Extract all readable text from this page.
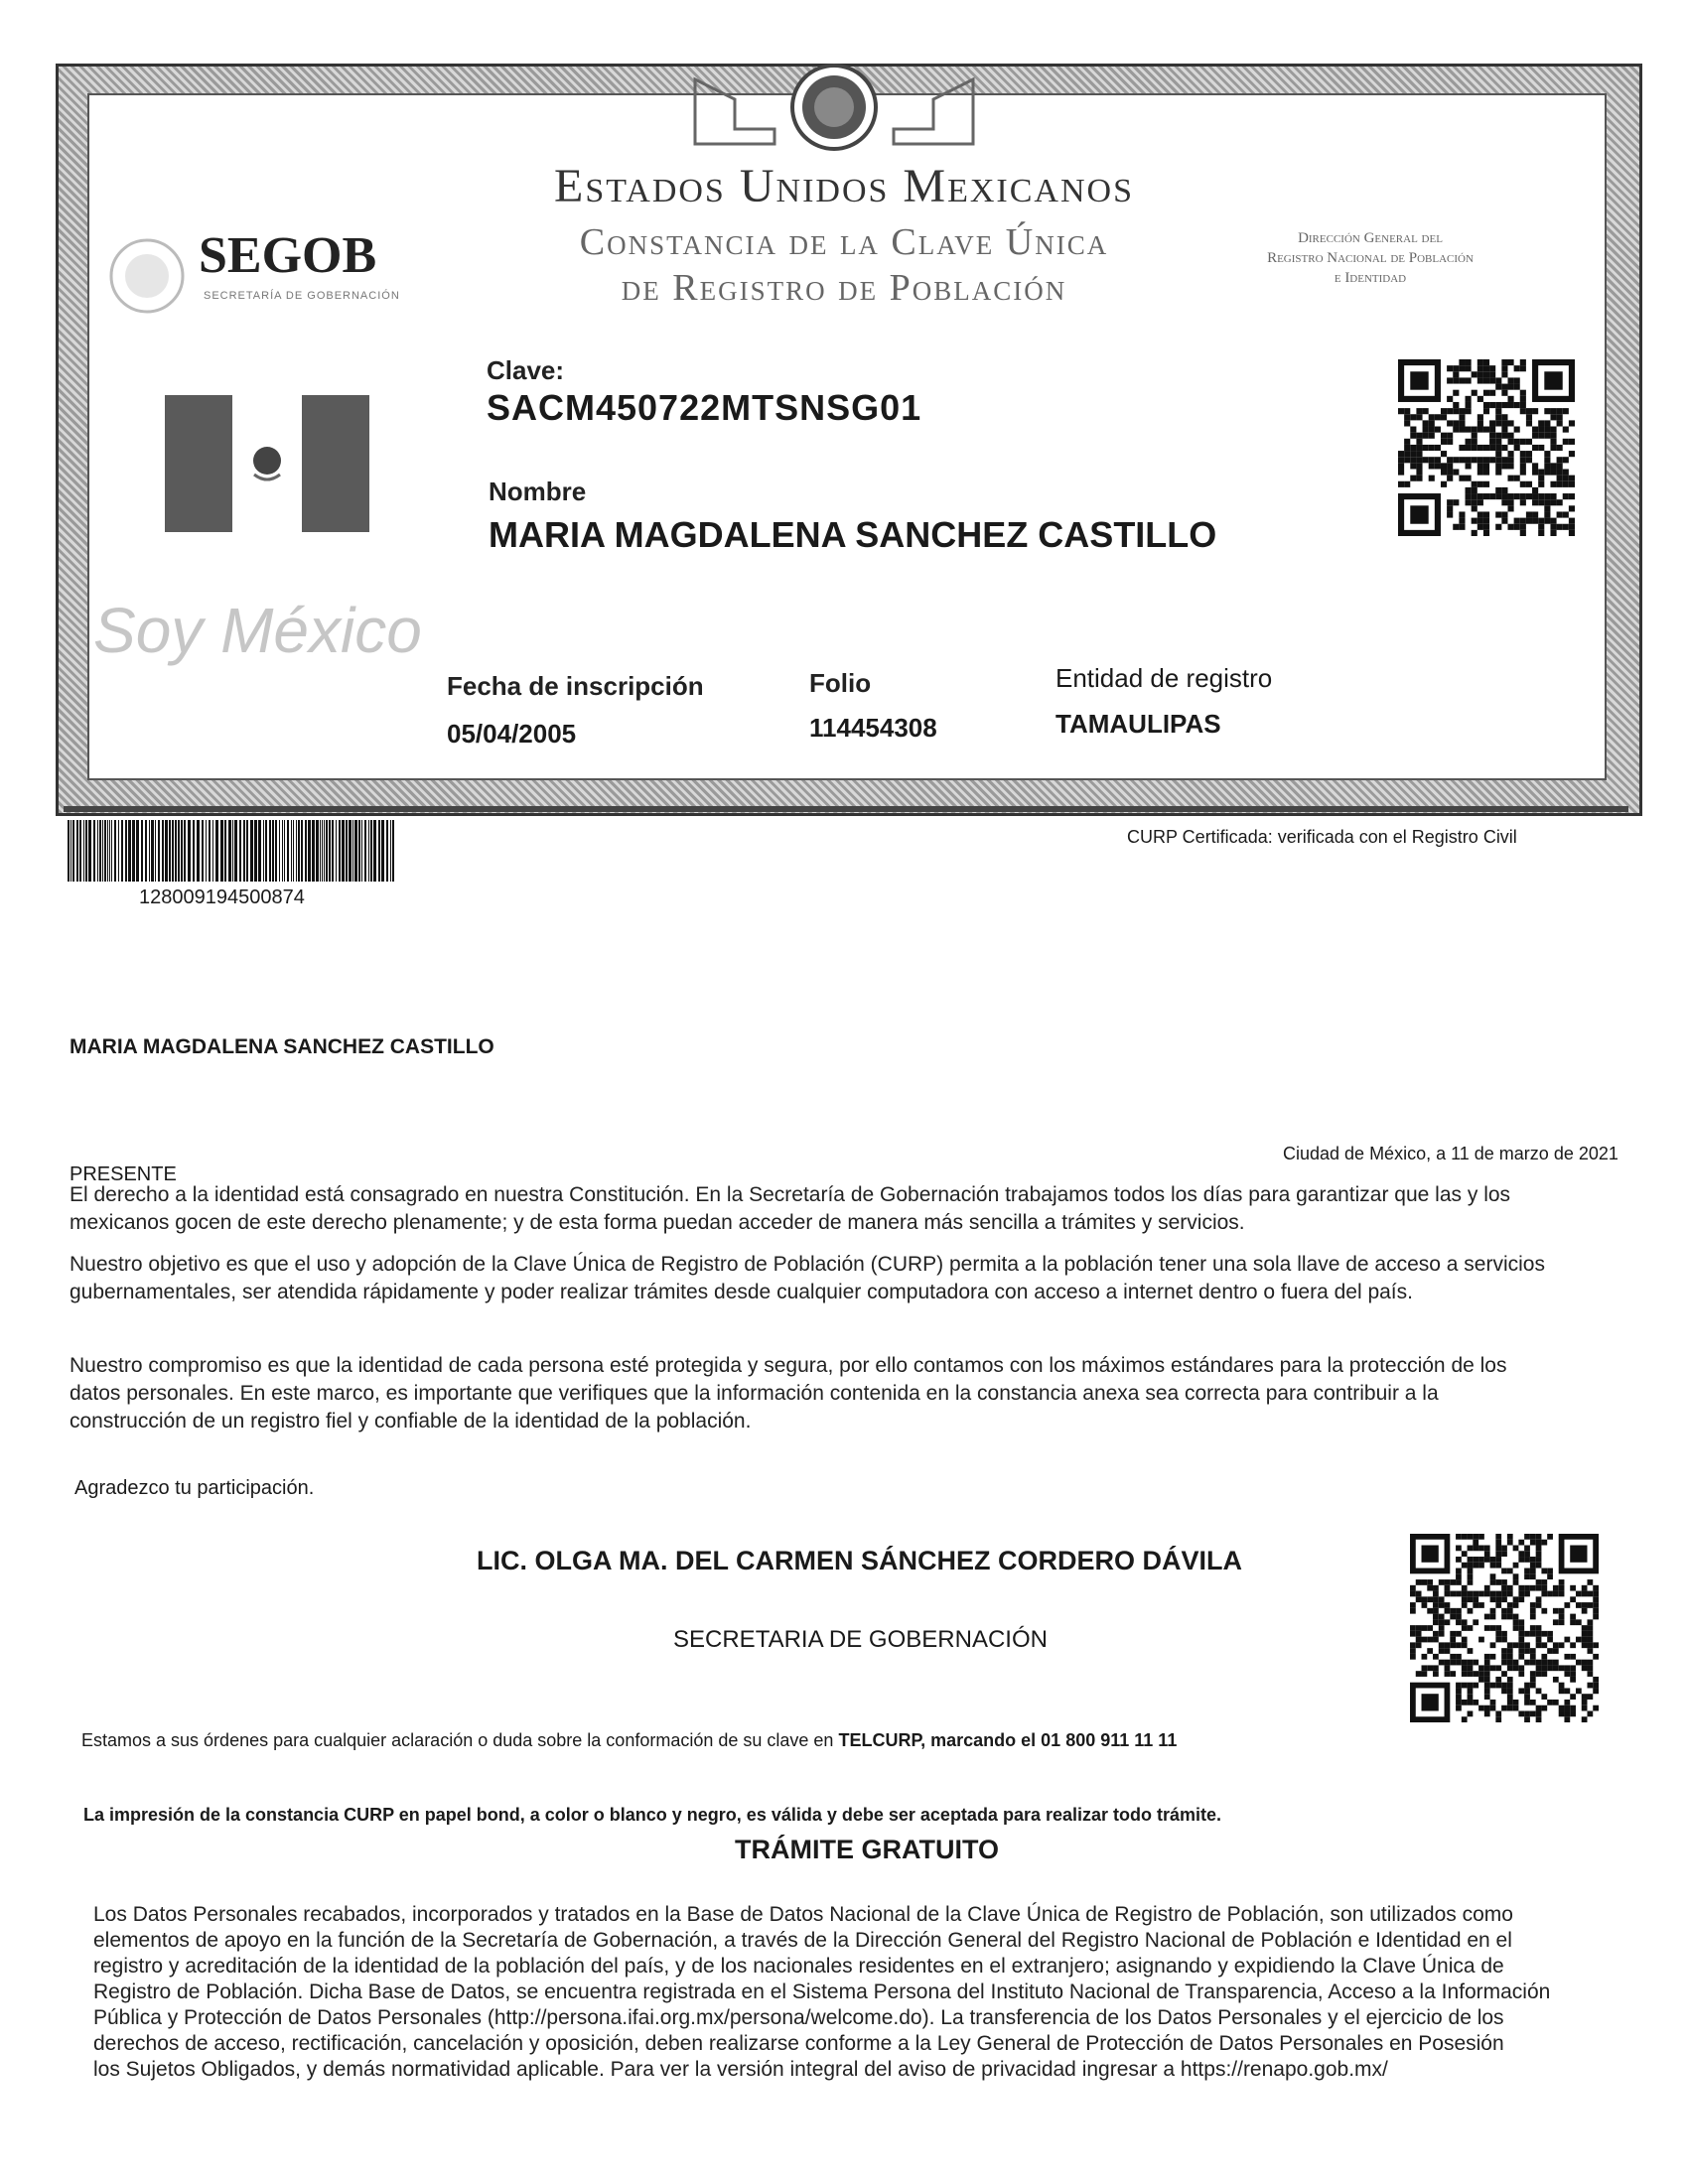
Estados Unidos Mexicanos
Constancia de la Clave Única
de Registro de Población
SEGOB
SECRETARÍA DE GOBERNACIÓN
Dirección General del
Registro Nacional de Población
e Identidad
Clave:
SACM450722MTSNSG01
Nombre
MARIA MAGDALENA SANCHEZ CASTILLO
Soy México
Fecha de inscripción
05/04/2005
Folio
114454308
Entidad de registro
TAMAULIPAS
128009194500874
CURP Certificada: verificada con el Registro Civil
MARIA MAGDALENA SANCHEZ CASTILLO
Ciudad de México, a 11 de marzo de 2021
PRESENTE
El derecho a la identidad está consagrado en nuestra Constitución. En la Secretaría de Gobernación trabajamos todos los días para garantizar que las y los
mexicanos gocen de este derecho plenamente; y de esta forma puedan acceder de manera más sencilla a trámites y servicios.
Nuestro objetivo es que el uso y adopción de la Clave Única de Registro de Población (CURP) permita a la población tener una sola llave de acceso a servicios
gubernamentales, ser atendida rápidamente y poder realizar trámites desde cualquier computadora con acceso a internet dentro o fuera del país.
Nuestro compromiso es que la identidad de cada persona esté protegida y segura, por ello contamos con los máximos estándares para la protección de los
datos personales. En este marco, es importante que verifiques que la información contenida en la constancia anexa sea correcta para contribuir a la
construcción de un registro fiel y confiable de la identidad de la población.
Agradezco tu participación.
LIC. OLGA MA. DEL CARMEN SÁNCHEZ CORDERO DÁVILA
SECRETARIA DE GOBERNACIÓN
Estamos a sus órdenes para cualquier aclaración o duda sobre la conformación de su clave en TELCURP, marcando el 01 800 911 11 11
La impresión de la constancia CURP en papel bond, a color o blanco y negro, es válida y debe ser aceptada para realizar todo trámite.
TRÁMITE GRATUITO
Los Datos Personales recabados, incorporados y tratados en la Base de Datos Nacional de la Clave Única de Registro de Población, son utilizados como
elementos de apoyo en la función de la Secretaría de Gobernación, a través de la Dirección General del Registro Nacional de Población e Identidad en el
registro y acreditación de la identidad de la población del país, y de los nacionales residentes en el extranjero; asignando y expidiendo la Clave Única de
Registro de Población. Dicha Base de Datos, se encuentra registrada en el Sistema Persona del Instituto Nacional de Transparencia, Acceso a la Información
Pública y Protección de Datos Personales (http://persona.ifai.org.mx/persona/welcome.do). La transferencia de los Datos Personales y el ejercicio de los
derechos de acceso, rectificación, cancelación y oposición, deben realizarse conforme a la Ley General de Protección de Datos Personales en Posesión
los Sujetos Obligados, y demás normatividad aplicable. Para ver la versión integral del aviso de privacidad ingresar a https://renapo.gob.mx/
